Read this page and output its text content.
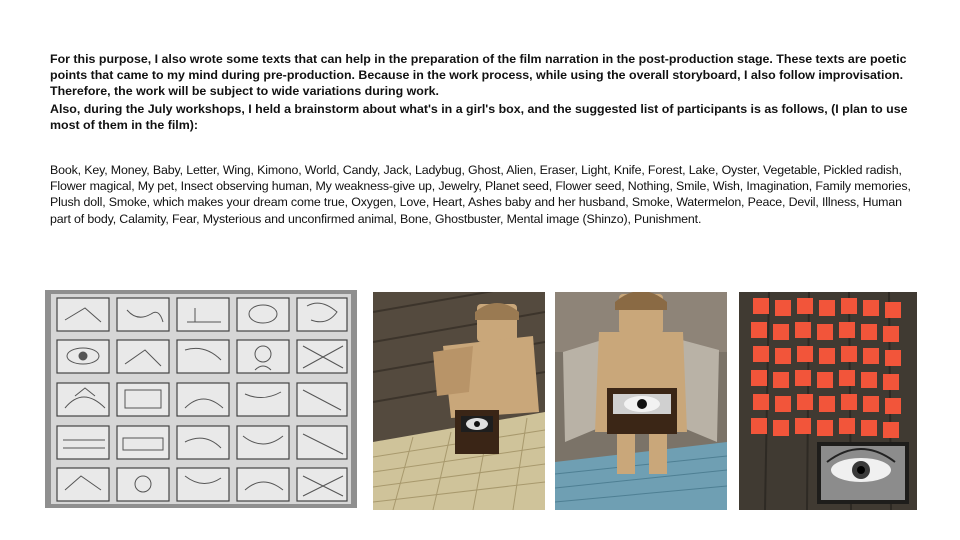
For this purpose, I also wrote some texts that can help in the preparation of the film narration in the post-production stage. These texts are poetic points that came to my mind during pre-production. Because in the work process, while using the overall storyboard, I also follow improvisation. Therefore, the work will be subject to wide variations during work.

Also, during the July workshops, I held a brainstorm about what's in a girl's box, and the suggested list of participants is as follows, (I plan to use most of them in the film):

Book, Key, Money, Baby, Letter, Wing, Kimono, World, Candy, Jack, Ladybug, Ghost, Alien, Eraser, Light, Knife, Forest, Lake, Oyster, Vegetable, Pickled radish, Flower magical, My pet, Insect observing human, My weakness-give up, Jewelry, Planet seed, Flower seed, Nothing, Smile, Wish, Imagination, Family memories, Plush doll, Smoke, which makes your dream come true, Oxygen, Love, Heart, Ashes baby and her husband, Smoke, Watermelon, Peace, Devil, Illness, Human part of body, Calamity, Fear, Mysterious and unconfirmed animal, Bone, Ghostbuster, Mental image (Shinzo), Punishment.
